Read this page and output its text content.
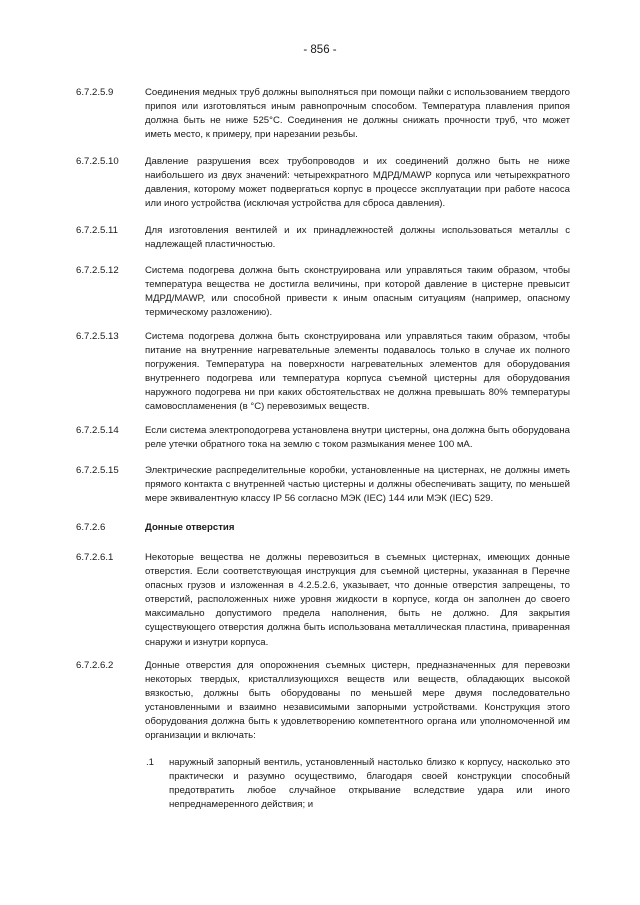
- 856 -
6.7.2.5.9	Соединения медных труб должны выполняться при помощи пайки с использованием твердого припоя или изготовляться иным равнопрочным способом. Температура плавления припоя должна быть не ниже 525°С. Соединения не должны снижать прочности труб, что может иметь место, к примеру, при нарезании резьбы.
6.7.2.5.10	Давление разрушения всех трубопроводов и их соединений должно быть не ниже наибольшего из двух значений: четырехкратного МДРД/MAWP корпуса или четырехкратного давления, которому может подвергаться корпус в процессе эксплуатации при работе насоса или иного устройства (исключая устройства для сброса давления).
6.7.2.5.11	Для изготовления вентилей и их принадлежностей должны использоваться металлы с надлежащей пластичностью.
6.7.2.5.12	Система подогрева должна быть сконструирована или управляться таким образом, чтобы температура вещества не достигла величины, при которой давление в цистерне превысит МДРД/MAWP, или способной привести к иным опасным ситуациям (например, опасному термическому разложению).
6.7.2.5.13	Система подогрева должна быть сконструирована или управляться таким образом, чтобы питание на внутренние нагревательные элементы подавалось только в случае их полного погружения. Температура на поверхности нагревательных элементов для оборудования внутреннего подогрева или температура корпуса съемной цистерны для оборудования наружного подогрева ни при каких обстоятельствах не должна превышать 80% температуры самовоспламенения (в °С) перевозимых веществ.
6.7.2.5.14	Если система электроподогрева установлена внутри цистерны, она должна быть оборудована реле утечки обратного тока на землю с током размыкания менее 100 мА.
6.7.2.5.15	Электрические распределительные коробки, установленные на цистернах, не должны иметь прямого контакта с внутренней частью цистерны и должны обеспечивать защиту, по меньшей мере эквивалентную классу IP 56 согласно МЭК (IEC) 144 или МЭК (IEC) 529.
6.7.2.6	Донные отверстия
6.7.2.6.1	Некоторые вещества не должны перевозиться в съемных цистернах, имеющих донные отверстия. Если соответствующая инструкция для съемной цистерны, указанная в Перечне опасных грузов и изложенная в 4.2.5.2.6, указывает, что донные отверстия запрещены, то отверстий, расположенных ниже уровня жидкости в корпусе, когда он заполнен до своего максимально допустимого предела наполнения, быть не должно. Для закрытия существующего отверстия должна быть использована металлическая пластина, приваренная снаружи и изнутри корпуса.
6.7.2.6.2	Донные отверстия для опорожнения съемных цистерн, предназначенных для перевозки некоторых твердых, кристаллизующихся веществ или веществ, обладающих высокой вязкостью, должны быть оборудованы по меньшей мере двумя последовательно установленными и взаимно независимыми запорными устройствами. Конструкция этого оборудования должна быть к удовлетворению компетентного органа или уполномоченной им организации и включать:
.1 наружный запорный вентиль, установленный настолько близко к корпусу, насколько это практически и разумно осуществимо, благодаря своей конструкции способный предотвратить любое случайное открывание вследствие удара или иного непреднамеренного действия; и
